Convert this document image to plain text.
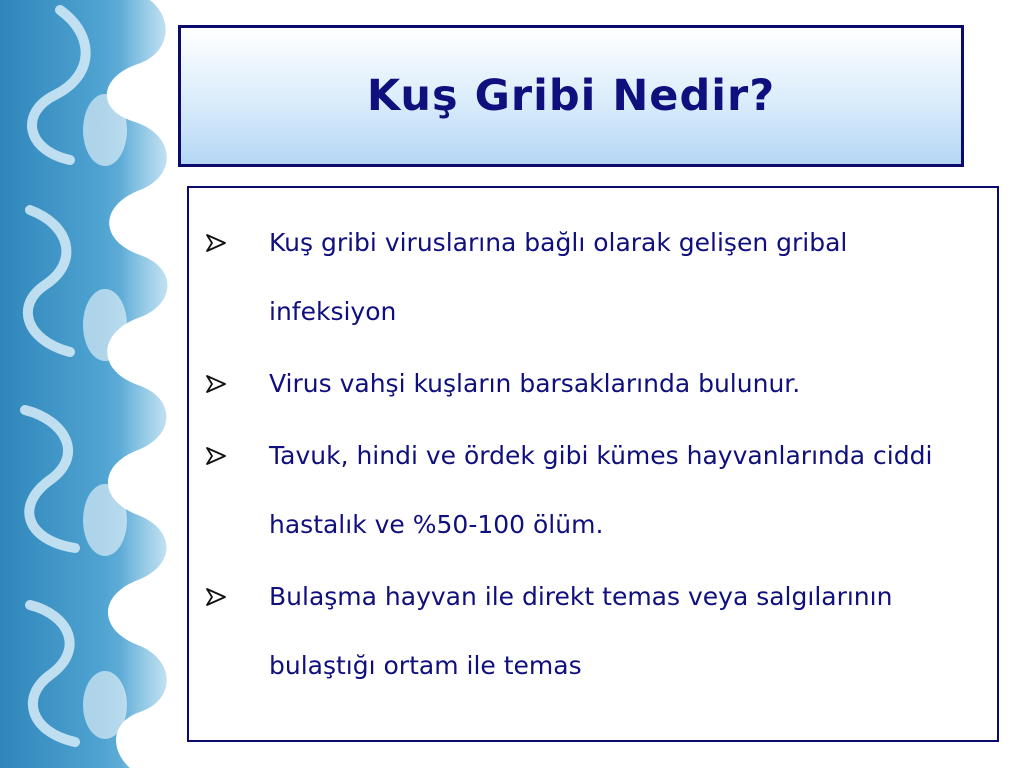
Kuş Gribi Nedir?
Kuş gribi viruslarına bağlı olarak gelişen gribal infeksiyon
Virus vahşi kuşların barsaklarında bulunur.
Tavuk, hindi ve ördek gibi kümes hayvanlarında ciddi hastalık ve %50-100 ölüm.
Bulaşma hayvan ile direkt temas veya salgılarının bulaştığı ortam ile temas
